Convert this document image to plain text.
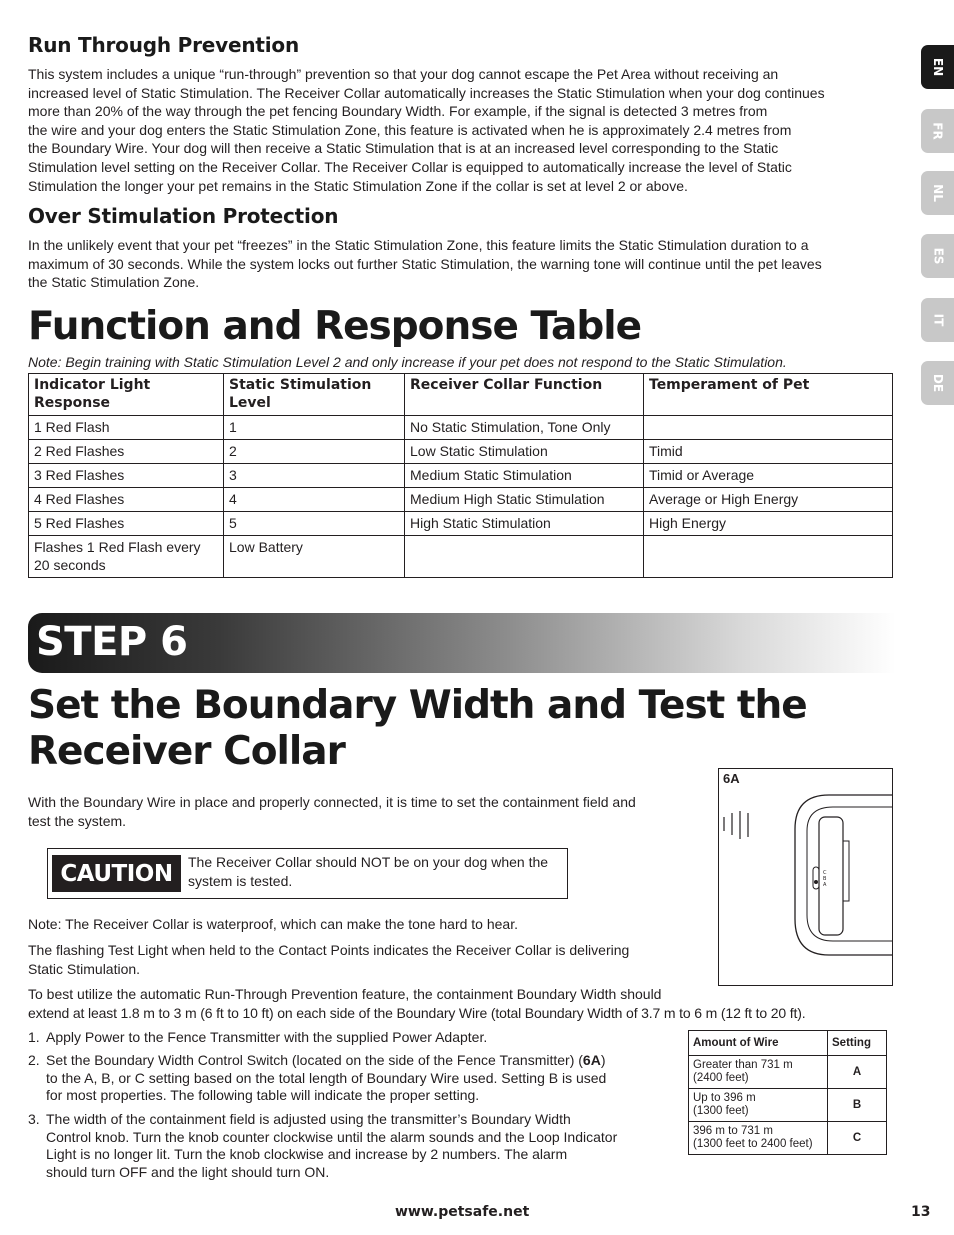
EN
FR
NL
ES
IT
DE
Run Through Prevention

This system includes a unique “run-through” prevention so that your dog cannot escape the Pet Area without receiving an

increased level of Static Stimulation. The Receiver Collar automatically increases the Static Stimulation when your dog continues

more than 20% of the way through the pet fencing Boundary Width. For example, if the signal is detected 3 metres from

the wire and your dog enters the Static Stimulation Zone, this feature is activated when he is approximately 2.4 metres from

the Boundary Wire. Your dog will then receive a Static Stimulation that is at an increased level corresponding to the Static

Stimulation level setting on the Receiver Collar. The Receiver Collar is equipped to automatically increase the level of Static

Stimulation the longer your pet remains in the Static Stimulation Zone if the collar is set at level 2 or above.

Over Stimulation Protection

In the unlikely event that your pet “freezes” in the Static Stimulation Zone, this feature limits the Static Stimulation duration to a

maximum of 30 seconds. While the system locks out further Static Stimulation, the warning tone will continue until the pet leaves

the Static Stimulation Zone.

Function and Response Table

Note: Begin training with Static Stimulation Level 2 and only increase if your pet does not respond to the Static Stimulation.

Indicator Light Response	Static Stimulation Level	Receiver Collar Function	Temperament of Pet
1 Red Flash	1	No Static Stimulation, Tone Only	
2 Red Flashes	2	Low Static Stimulation	Timid
3 Red Flashes	3	Medium Static Stimulation	Timid or Average
4 Red Flashes	4	Medium High Static Stimulation	Average or High Energy
5 Red Flashes	5	High Static Stimulation	High Energy
Flashes 1 Red Flash every 20 seconds	Low Battery		
STEP 6
Set the Boundary Width and Test the
Receiver Collar

With the Boundary Wire in place and properly connected, it is time to set the containment field and

test the system.

CAUTION	The Receiver Collar should NOT be on your dog when the system is tested.

Note: The Receiver Collar is waterproof, which can make the tone hard to hear.

The flashing Test Light when held to the Contact Points indicates the Receiver Collar is delivering

Static Stimulation.

To best utilize the automatic Run-Through Prevention feature, the containment Boundary Width should

extend at least 1.8 m to 3 m (6 ft to 10 ft) on each side of the Boundary Wire (total Boundary Width of 3.7 m to 6 m (12 ft to 20 ft).

1. Apply Power to the Fence Transmitter with the supplied Power Adapter.
2. Set the Boundary Width Control Switch (located on the side of the Fence Transmitter) (6A)
to the A, B, or C setting based on the total length of Boundary Wire used. Setting B is used
for most properties. The following table will indicate the proper setting.
3. The width of the containment field is adjusted using the transmitter’s Boundary Width
Control knob. Turn the knob counter clockwise until the alarm sounds and the Loop Indicator
Light is no longer lit. Turn the knob clockwise and increase by 2 numbers. The alarm
should turn OFF and the light should turn ON.
6A
C
B
A
Amount of Wire	Setting
Greater than 731 m
(2400 feet)	A
Up to 396 m
(1300 feet)	B
396 m to 731 m
(1300 feet to 2400 feet)	C
www.petsafe.net	13
